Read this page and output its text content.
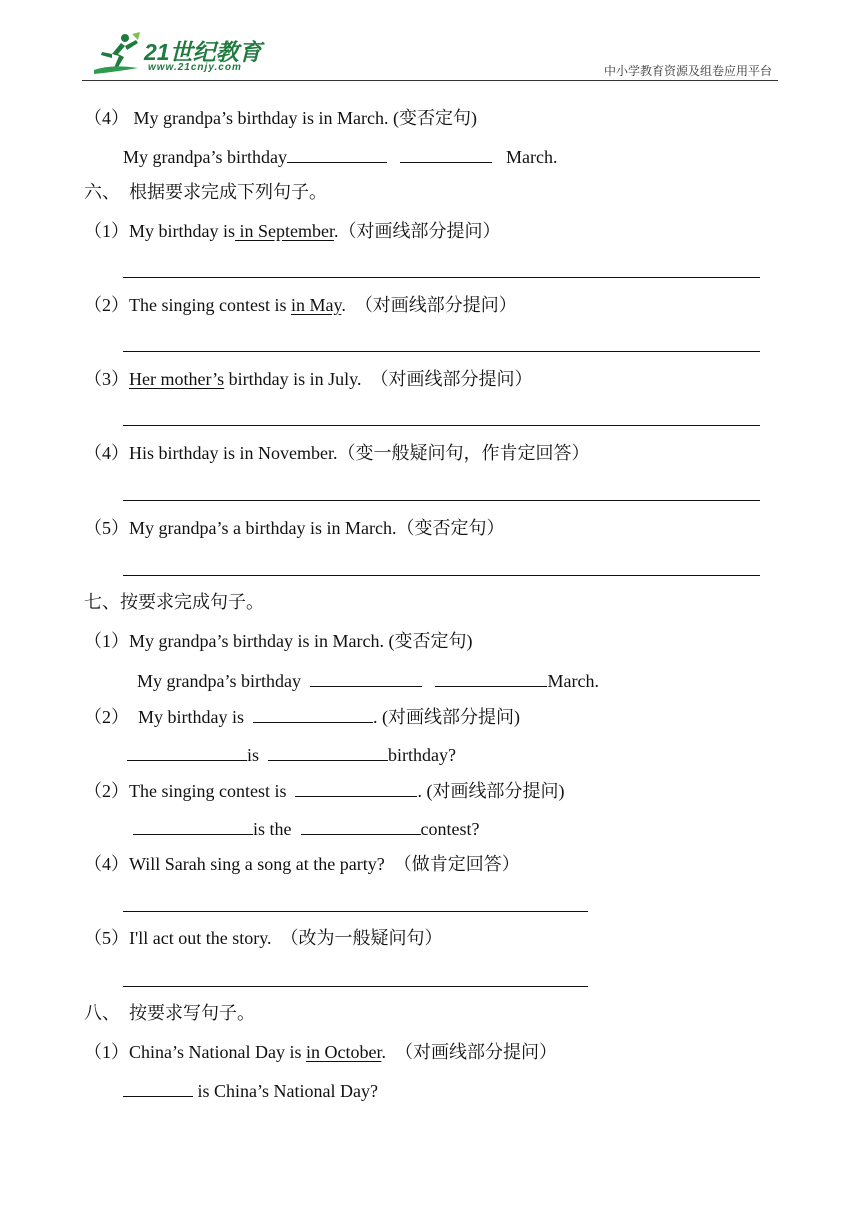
21世纪教育
www.21cnjy.com	中小学教育资源及组卷应用平台
（4） My grandpa’s birthday is in March. (变否定句)
My grandpa’s birthday	March.
六、  根据要求完成下列句子。
（1）My birthday is in September.（对画线部分提问）
（2）The singing contest is in May.  （对画线部分提问）
（3）Her mother’s birthday is in July.  （对画线部分提问）
（4）His birthday is in November.（变一般疑问句，作肯定回答）
（5）My grandpa’s a birthday is in March.（变否定句）
七、按要求完成句子。
（1）My grandpa’s birthday is in March. (变否定句)
My grandpa’s birthday	March.
（2） My birthday is	. (对画线部分提问)
is	birthday?
（2）The singing contest is	. (对画线部分提问)
is the	contest?
（4）Will Sarah sing a song at the party?  （做肯定回答）
（5）I'll act out the story.  （改为一般疑问句）
八、  按要求写句子。
（1）China’s National Day is in October.  （对画线部分提问）
is China’s National Day?
